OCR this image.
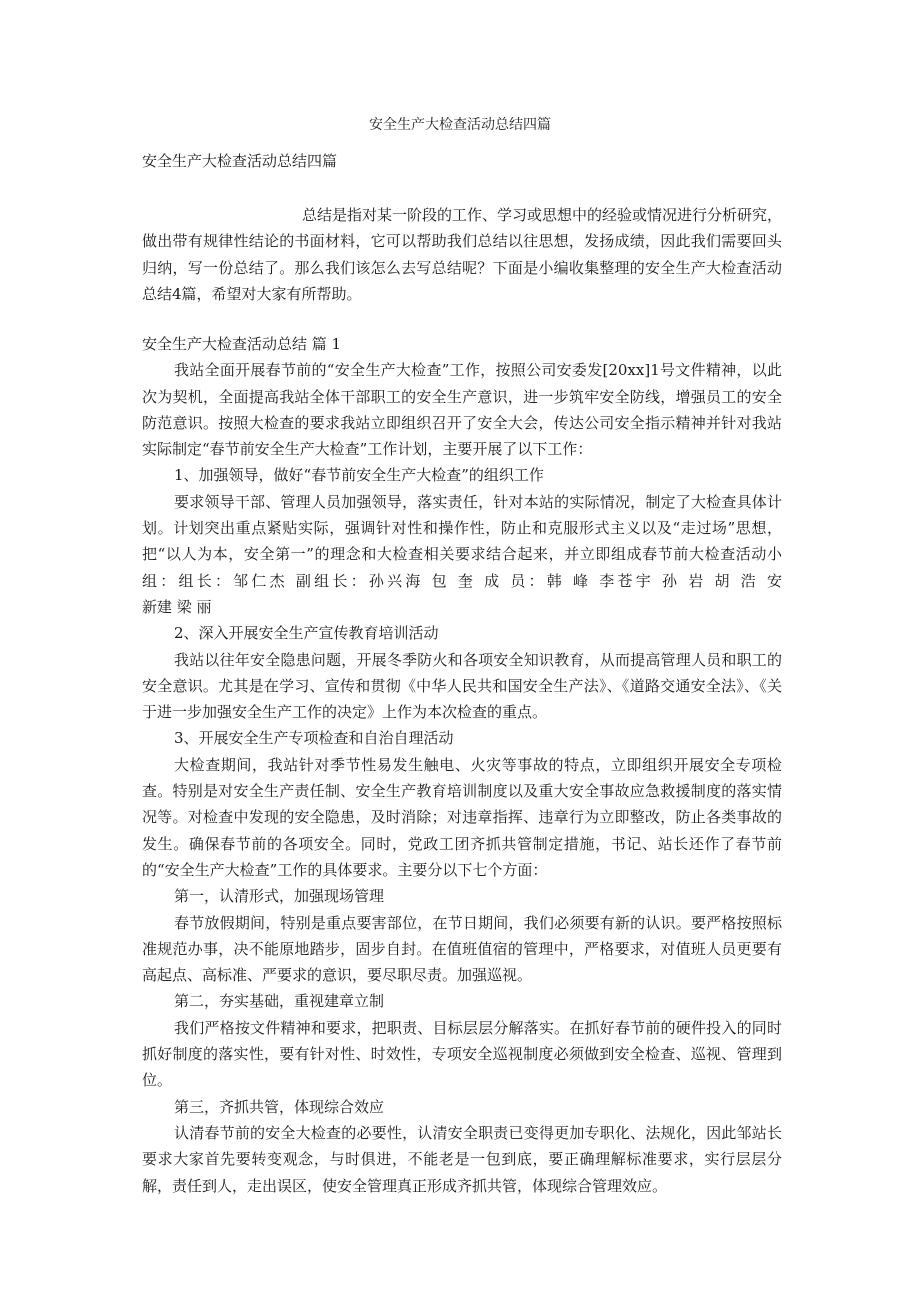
安全生产大检查活动总结四篇
安全生产大检查活动总结四篇

总结是指对某一阶段的工作、学习或思想中的经验或情况进行分析研究，做出带有规律性结论的书面材料，它可以帮助我们总结以往思想，发扬成绩，因此我们需要回头归纳，写一份总结了。那么我们该怎么去写总结呢？下面是小编收集整理的安全生产大检查活动总结4篇，希望对大家有所帮助。

安全生产大检查活动总结 篇 1

我站全面开展春节前的“安全生产大检查”工作，按照公司安委发[20xx]1号文件精神，以此次为契机，全面提高我站全体干部职工的安全生产意识，进一步筑牢安全防线，增强员工的安全防范意识。按照大检查的要求我站立即组织召开了安全大会，传达公司安全指示精神并针对我站实际制定“春节前安全生产大检查”工作计划，主要开展了以下工作：

1、加强领导，做好“春节前安全生产大检查”的组织工作

要求领导干部、管理人员加强领导，落实责任，针对本站的实际情况，制定了大检查具体计划。计划突出重点紧贴实际，强调针对性和操作性，防止和克服形式主义以及“走过场”思想，把“以人为本，安全第一”的理念和大检查相关要求结合起来，并立即组成春节前大检查活动小组：组长：邹仁杰 副组长：孙兴海 包 奎 成 员：韩 峰 李苍宇 孙 岩 胡 浩 安

新建 梁 丽

2、深入开展安全生产宣传教育培训活动

我站以往年安全隐患问题，开展冬季防火和各项安全知识教育，从而提高管理人员和职工的安全意识。尤其是在学习、宣传和贯彻《中华人民共和国安全生产法》、《道路交通安全法》、《关于进一步加强安全生产工作的决定》上作为本次检查的重点。

3、开展安全生产专项检查和自治自理活动

大检查期间，我站针对季节性易发生触电、火灾等事故的特点，立即组织开展安全专项检查。特别是对安全生产责任制、安全生产教育培训制度以及重大安全事故应急救援制度的落实情况等。对检查中发现的安全隐患，及时消除；对违章指挥、违章行为立即整改，防止各类事故的发生。确保春节前的各项安全。同时，党政工团齐抓共管制定措施，书记、站长还作了春节前的“安全生产大检查”工作的具体要求。主要分以下七个方面：

第一，认清形式，加强现场管理

春节放假期间，特别是重点要害部位，在节日期间，我们必须要有新的认识。要严格按照标准规范办事，决不能原地踏步，固步自封。在值班值宿的管理中，严格要求，对值班人员更要有高起点、高标准、严要求的意识，要尽职尽责。加强巡视。

第二，夯实基础，重视建章立制

我们严格按文件精神和要求，把职责、目标层层分解落实。在抓好春节前的硬件投入的同时抓好制度的落实性，要有针对性、时效性，专项安全巡视制度必须做到安全检查、巡视、管理到位。

第三，齐抓共管，体现综合效应

认清春节前的安全大检查的必要性，认清安全职责已变得更加专职化、法规化，因此邹站长要求大家首先要转变观念，与时俱进，不能老是一包到底，要正确理解标准要求，实行层层分解，责任到人，走出误区，使安全管理真正形成齐抓共管，体现综合管理效应。
